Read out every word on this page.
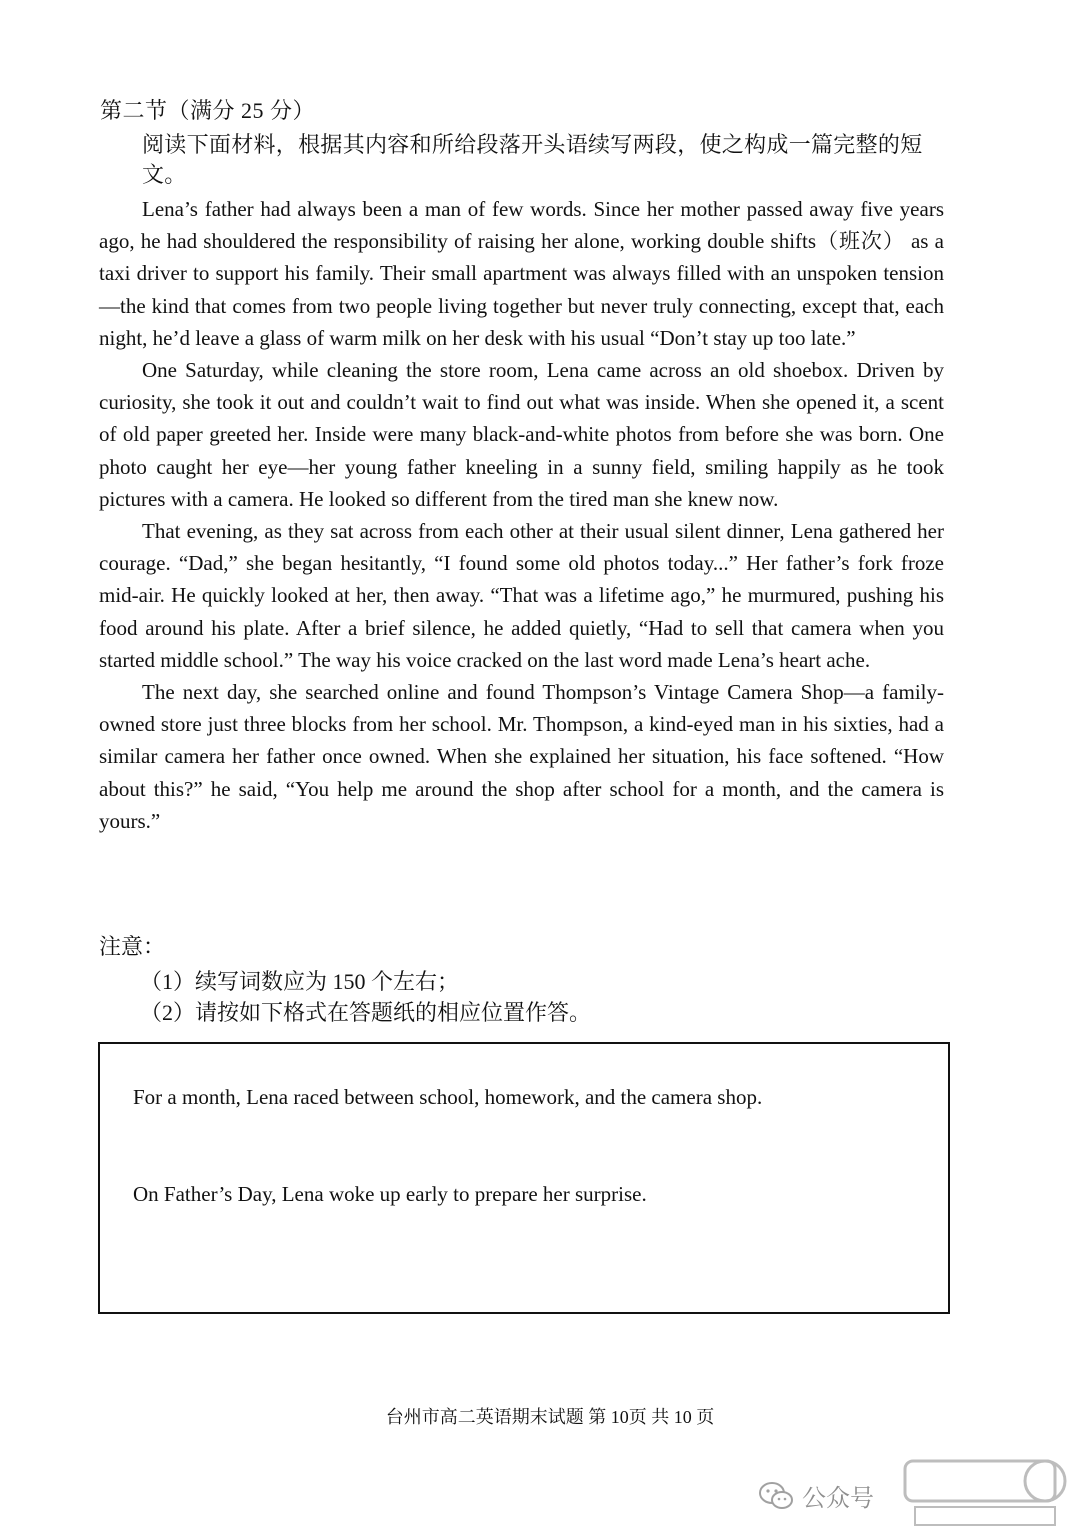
第二节（满分 25 分）
阅读下面材料，根据其内容和所给段落开头语续写两段，使之构成一篇完整的短文。

Lena’s father had always been a man of few words. Since her mother passed away five years ago, he had shouldered the responsibility of raising her alone, working double shifts（班次） as a taxi driver to support his family. Their small apartment was always filled with an unspoken tension—the kind that comes from two people living together but never truly connecting, except that, each night, he’d leave a glass of warm milk on her desk with his usual “Don’t stay up too late.”

One Saturday, while cleaning the store room, Lena came across an old shoebox. Driven by curiosity, she took it out and couldn’t wait to find out what was inside. When she opened it, a scent of old paper greeted her. Inside were many black-and-white photos from before she was born. One photo caught her eye—her young father kneeling in a sunny field, smiling happily as he took pictures with a camera. He looked so different from the tired man she knew now.

That evening, as they sat across from each other at their usual silent dinner, Lena gathered her courage. “Dad,” she began hesitantly, “I found some old photos today...” Her father’s fork froze mid-air. He quickly looked at her, then away. “That was a lifetime ago,” he murmured, pushing his food around his plate. After a brief silence, he added quietly, “Had to sell that camera when you started middle school.” The way his voice cracked on the last word made Lena’s heart ache.

The next day, she searched online and found Thompson’s Vintage Camera Shop—a family-owned store just three blocks from her school. Mr. Thompson, a kind-eyed man in his sixties, had a similar camera her father once owned. When she explained her situation, his face softened. “How about this?” he said, “You help me around the shop after school for a month, and the camera is yours.”

注意：
（1）续写词数应为 150 个左右；
（2）请按如下格式在答题纸的相应位置作答。
For a month, Lena raced between school, homework, and the camera shop.
On Father’s Day, Lena woke up early to prepare her surprise.
台州市高二英语期末试题 第 10页 共 10 页
公众号
